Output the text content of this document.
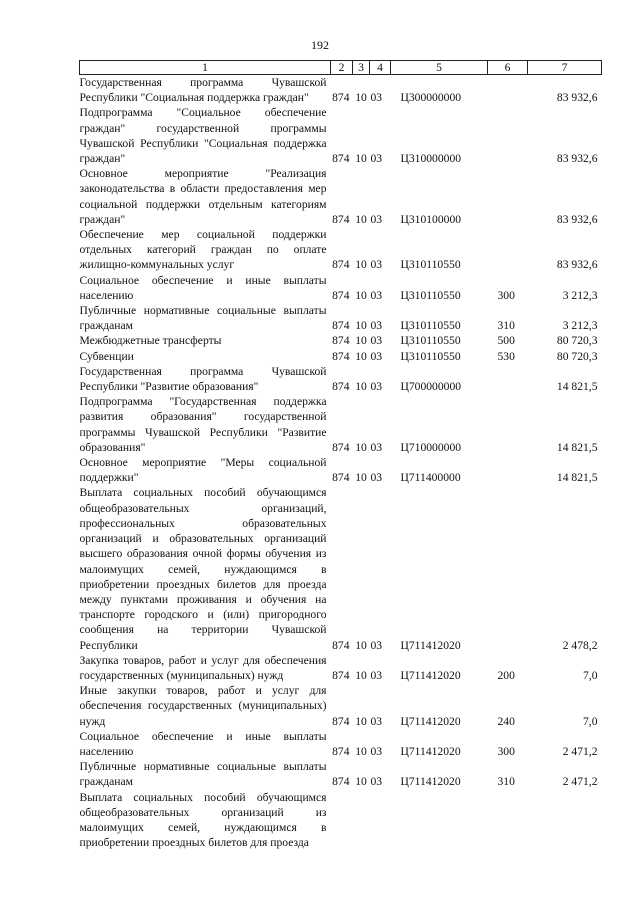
192
1	2	3	4	5	6	7
Государственная программа Чувашской Республики "Социальная поддержка граждан"	874	10	03	Ц300000000		83 932,6
Подпрограмма "Социальное обеспечение граждан" государственной программы Чувашской Республики "Социальная поддержка граждан"	874	10	03	Ц310000000		83 932,6
Основное мероприятие "Реализация законодательства в области предоставления мер социальной поддержки отдельным категориям граждан"	874	10	03	Ц310100000		83 932,6
Обеспечение мер социальной поддержки отдельных категорий граждан по оплате жилищно-коммунальных услуг	874	10	03	Ц310110550		83 932,6
Социальное обеспечение и иные выплаты населению	874	10	03	Ц310110550	300	3 212,3
Публичные нормативные социальные выплаты гражданам	874	10	03	Ц310110550	310	3 212,3
Межбюджетные трансферты	874	10	03	Ц310110550	500	80 720,3
Субвенции	874	10	03	Ц310110550	530	80 720,3
Государственная программа Чувашской Республики "Развитие образования"	874	10	03	Ц700000000		14 821,5
Подпрограмма "Государственная поддержка развития образования" государственной программы Чувашской Республики "Развитие образования"	874	10	03	Ц710000000		14 821,5
Основное мероприятие "Меры социальной поддержки"	874	10	03	Ц711400000		14 821,5
Выплата социальных пособий обучающимся общеобразовательных организаций, профессиональных образовательных организаций и образовательных организаций высшего образования очной формы обучения из малоимущих семей, нуждающимся в приобретении проездных билетов для проезда между пунктами проживания и обучения на транспорте городского и (или) пригородного сообщения на территории Чувашской Республики	874	10	03	Ц711412020		2 478,2
Закупка товаров, работ и услуг для обеспечения государственных (муниципальных) нужд	874	10	03	Ц711412020	200	7,0
Иные закупки товаров, работ и услуг для обеспечения государственных (муниципальных) нужд	874	10	03	Ц711412020	240	7,0
Социальное обеспечение и иные выплаты населению	874	10	03	Ц711412020	300	2 471,2
Публичные нормативные социальные выплаты гражданам	874	10	03	Ц711412020	310	2 471,2
Выплата социальных пособий обучающимся общеобразовательных организаций из малоимущих семей, нуждающимся в приобретении проездных билетов для проезда						
